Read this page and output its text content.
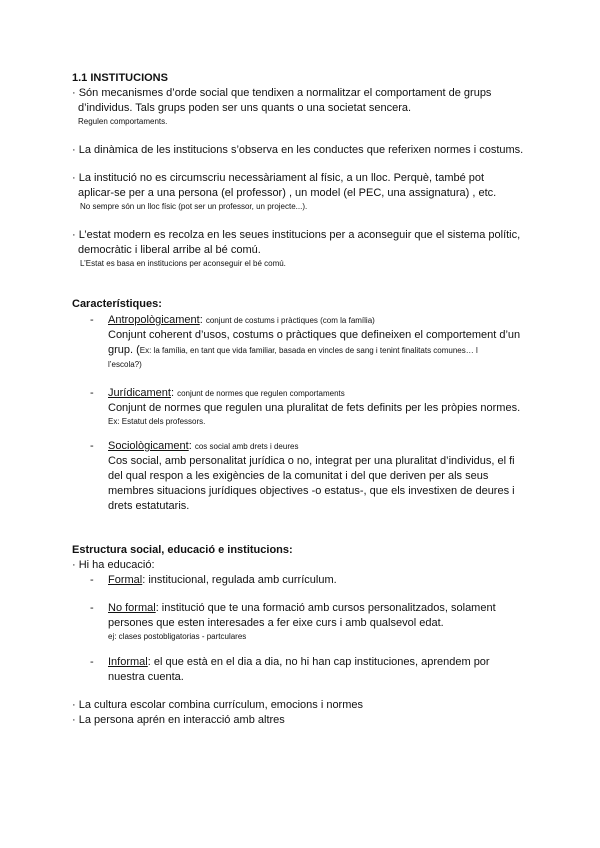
1.1 INSTITUCIONS
· Són mecanismes d’orde social que tendixen a normalitzar el comportament de grups
d’individus. Tals grups poden ser uns quants o una societat sencera.
Regulen comportaments.
· La dinàmica de les institucions s’observa en les conductes que referixen normes i costums.
· La institució no es circumscriu necessàriament al físic, a un lloc. Perquè, també pot
aplicar-se per a una persona (el professor) , un model (el PEC, una assignatura) , etc.
No sempre són un lloc físic (pot ser un professor, un projecte...).
· L’estat modern es recolza en les seues institucions per a aconseguir que el sistema polític,
democràtic i liberal arribe al bé comú.
L’Estat es basa en institucions per aconseguir el bé comú.
Característiques:
- Antropològicament: conjunt de costums i pràctiques (com la família)
Conjunt coherent d’usos, costums o pràctiques que defineixen el comportement d’un
grup. (Ex: la família, en tant que vida familiar, basada en vincles de sang i tenint finalitats comunes… l
l’escola?)
- Jurídicament: conjunt de normes que regulen comportaments
Conjunt de normes que regulen una pluralitat de fets definits per les pròpies normes.
Ex: Estatut dels professors.
- Sociològicament: cos social amb drets i deures
Cos social, amb personalitat jurídica o no, integrat per una pluralitat d’individus, el fi
del qual respon a les exigències de la comunitat i del que deriven per als seus
membres situacions jurídiques objectives -o estatus-, que els investixen de deures i
drets estatutaris.
Estructura social, educació e institucions:
· Hi ha educació:
- Formal: institucional, regulada amb currículum.
- No formal: institució que te una formació amb cursos personalitzados, solament
persones que esten interesades a fer eixe curs i amb qualsevol edat.
ej: clases postobligatorias - partculares
- Informal: el que està en el dia a dia, no hi han cap instituciones, aprendem por
nuestra cuenta.
· La cultura escolar combina currículum, emocions i normes
· La persona aprén en interacció amb altres
